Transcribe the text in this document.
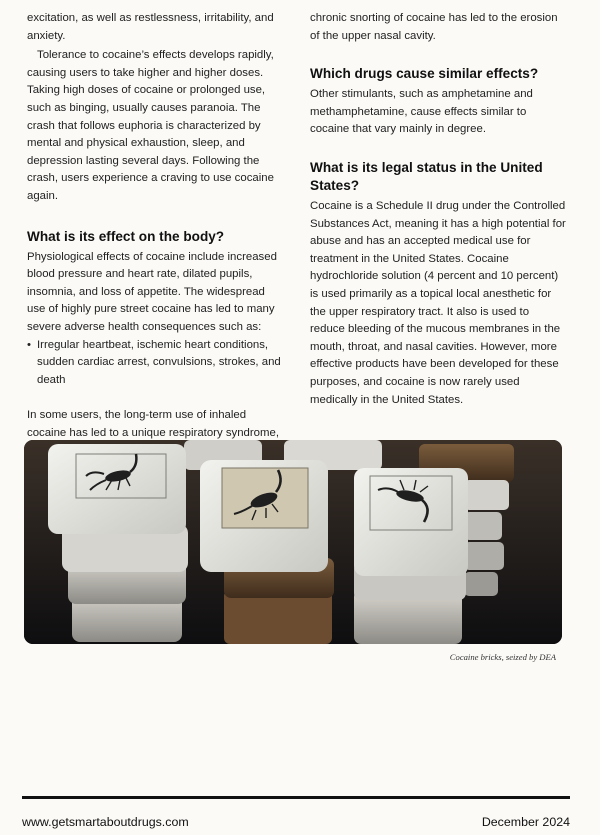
excitation, as well as restlessness, irritability, and anxiety.

Tolerance to cocaine’s effects develops rapidly, causing users to take higher and higher doses. Taking high doses of cocaine or prolonged use, such as binging, usually causes paranoia. The crash that follows euphoria is characterized by mental and physical exhaustion, sleep, and depression lasting several days. Following the crash, users experience a craving to use cocaine again.

What is its effect on the body?

Physiological effects of cocaine include increased blood pressure and heart rate, dilated pupils, insomnia, and loss of appetite. The widespread use of highly pure street cocaine has led to many severe adverse health consequences such as:

• Irregular heartbeat, ischemic heart conditions, sudden cardiac arrest, convulsions, strokes, and death

In some users, the long-term use of inhaled cocaine has led to a unique respiratory syndrome,

chronic snorting of cocaine has led to the erosion of the upper nasal cavity.

Which drugs cause similar effects?

Other stimulants, such as amphetamine and methamphetamine, cause effects similar to cocaine that vary mainly in degree.

What is its legal status in the United States?

Cocaine is a Schedule II drug under the Controlled Substances Act, meaning it has a high potential for abuse and has an accepted medical use for treatment in the United States. Cocaine hydrochloride solution (4 percent and 10 percent) is used primarily as a topical local anesthetic for the upper respiratory tract. It also is used to reduce bleeding of the mucous membranes in the mouth, throat, and nasal cavities. However, more effective products have been developed for these purposes, and cocaine is now rarely used medically in the United States.

Cocaine bricks, seized by DEA
www.getsmartaboutdrugs.com	December 2024
